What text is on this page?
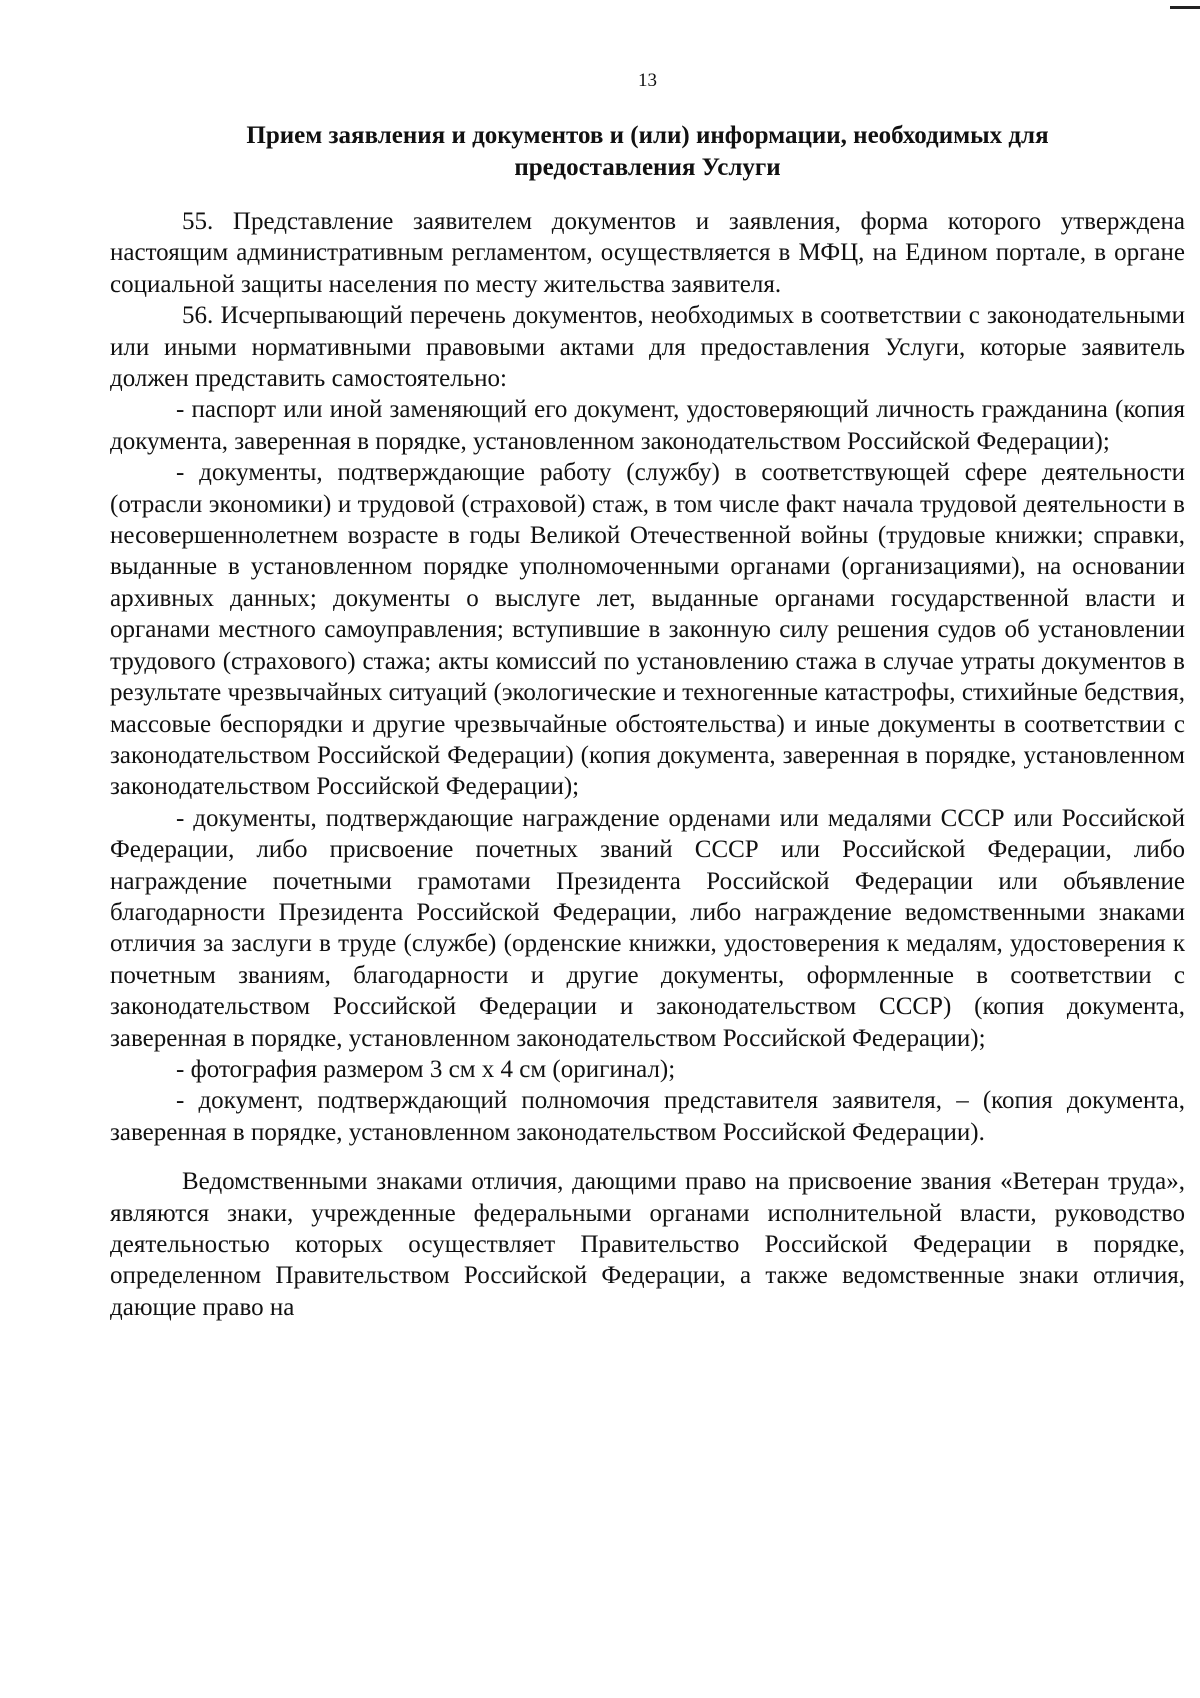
13

Прием заявления и документов и (или) информации, необходимых для
предоставления Услуги

55. Представление заявителем документов и заявления, форма которого утверждена настоящим административным регламентом, осуществляется в МФЦ, на Едином портале, в органе социальной защиты населения по месту жительства заявителя.

56. Исчерпывающий перечень документов, необходимых в соответствии с законодательными или иными нормативными правовыми актами для предоставления Услуги, которые заявитель должен представить самостоятельно:

- паспорт или иной заменяющий его документ, удостоверяющий личность гражданина (копия документа, заверенная в порядке, установленном законодательством Российской Федерации);

- документы, подтверждающие работу (службу) в соответствующей сфере деятельности (отрасли экономики) и трудовой (страховой) стаж, в том числе факт начала трудовой деятельности в несовершеннолетнем возрасте в годы Великой Отечественной войны (трудовые книжки; справки, выданные в установленном порядке уполномоченными органами (организациями), на основании архивных данных; документы о выслуге лет, выданные органами государственной власти и органами местного самоуправления; вступившие в законную силу решения судов об установлении трудового (страхового) стажа; акты комиссий по установлению стажа в случае утраты документов в результате чрезвычайных ситуаций (экологические и техногенные катастрофы, стихийные бедствия, массовые беспорядки и другие чрезвычайные обстоятельства) и иные документы в соответствии с законодательством Российской Федерации) (копия документа, заверенная в порядке, установленном законодательством Российской Федерации);

- документы, подтверждающие награждение орденами или медалями СССР или Российской Федерации, либо присвоение почетных званий СССР или Российской Федерации, либо награждение почетными грамотами Президента Российской Федерации или объявление благодарности Президента Российской Федерации, либо награждение ведомственными знаками отличия за заслуги в труде (службе) (орденские книжки, удостоверения к медалям, удостоверения к почетным званиям, благодарности и другие документы, оформленные в соответствии с законодательством Российской Федерации и законодательством СССР) (копия документа, заверенная в порядке, установленном законодательством Российской Федерации);

- фотография размером 3 см х 4 см (оригинал);

- документ, подтверждающий полномочия представителя заявителя, – (копия документа, заверенная в порядке, установленном законодательством Российской Федерации).

Ведомственными знаками отличия, дающими право на присвоение звания «Ветеран труда», являются знаки, учрежденные федеральными органами исполнительной власти, руководство деятельностью которых осуществляет Правительство Российской Федерации в порядке, определенном Правительством Российской Федерации, а также ведомственные знаки отличия, дающие право на
